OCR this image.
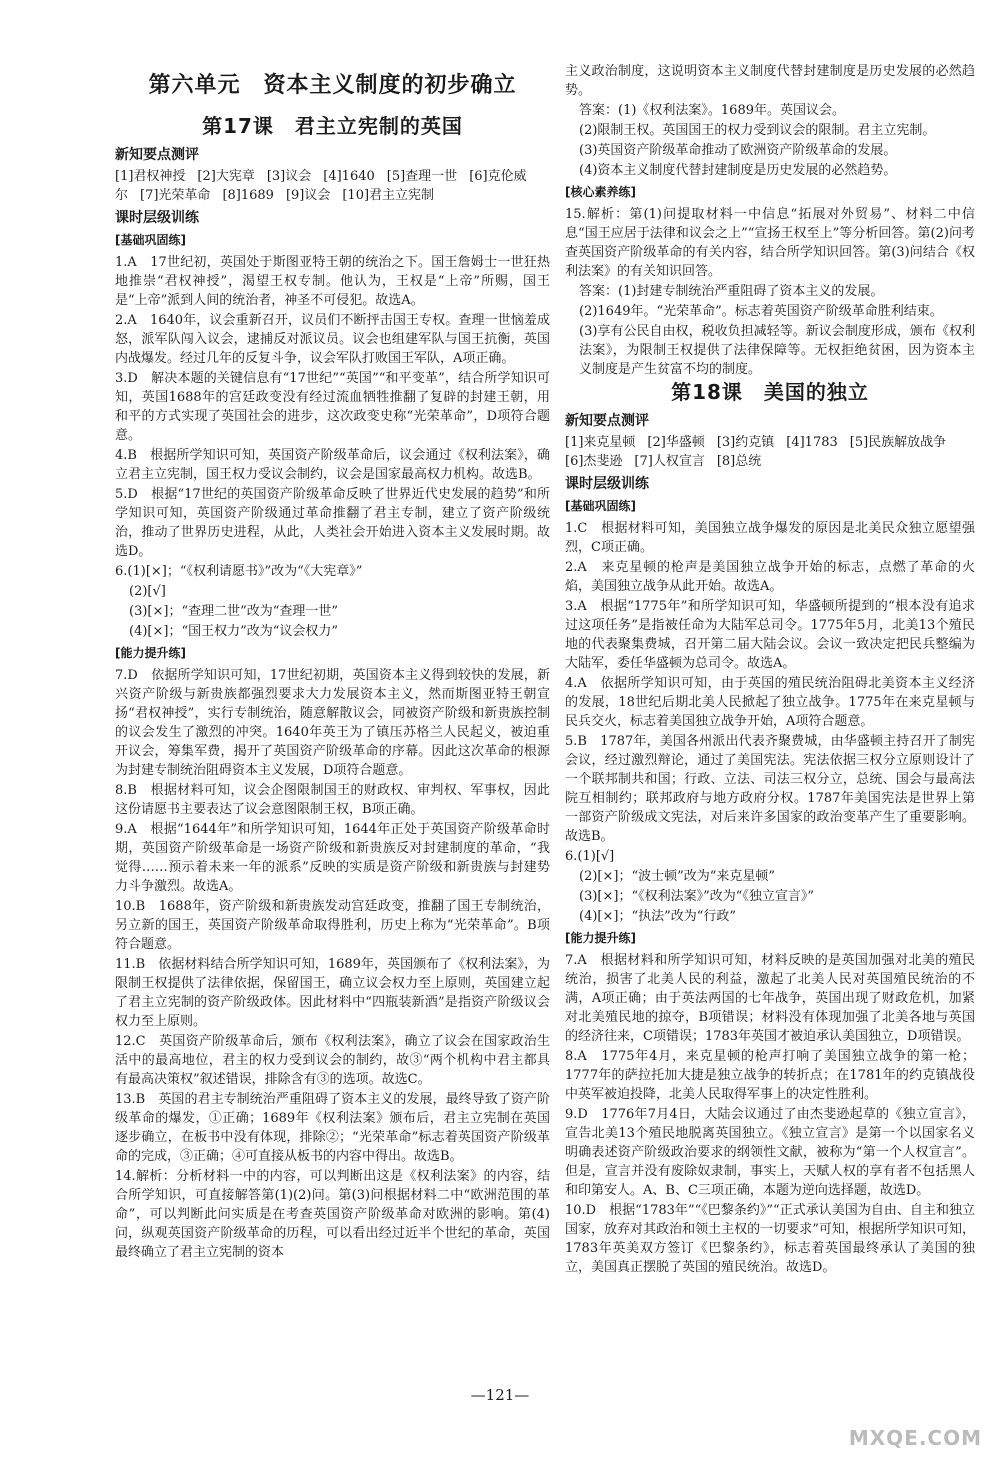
第六单元　资本主义制度的初步确立
第17课　君主立宪制的英国
新知要点测评
[1]君权神授 [2]大宪章 [3]议会 [4]1640 [5]查理一世 [6]克伦威尔 [7]光荣革命 [8]1689 [9]议会 [10]君主立宪制
课时层级训练
[基础巩固练]
1.A　17世纪初，英国处于斯图亚特王朝的统治之下。国王詹姆士一世狂热地推崇“君权神授”，渴望王权专制。他认为，王权是“上帝”所赐，国王是“上帝”派到人间的统治者，神圣不可侵犯。故选A。
2.A　1640年，议会重新召开，议员们不断抨击国王专权。查理一世恼羞成怒，派军队闯入议会，逮捕反对派议员。议会也组建军队与国王抗衡，英国内战爆发。经过几年的反复斗争，议会军队打败国王军队，A项正确。
3.D　解决本题的关键信息有“17世纪”“英国”“和平变革”，结合所学知识可知，英国1688年的宫廷政变没有经过流血牺牲推翻了复辟的封建王朝，用和平的方式实现了英国社会的进步，这次政变史称“光荣革命”，D项符合题意。
4.B　根据所学知识可知，英国资产阶级革命后，议会通过《权利法案》，确立君主立宪制，国王权力受议会制约，议会是国家最高权力机构。故选B。
5.D　根据“17世纪的英国资产阶级革命反映了世界近代史发展的趋势”和所学知识可知，英国资产阶级通过革命推翻了君主专制，建立了资产阶级统治，推动了世界历史进程，从此，人类社会开始进入资本主义发展时期。故选D。
6.(1)[×]；“《权利请愿书》”改为“《大宪章》”
(2)[√]
(3)[×]；“查理二世”改为“查理一世”
(4)[×]；“国王权力”改为“议会权力”
[能力提升练]
7.D　依据所学知识可知，17世纪初期，英国资本主义得到较快的发展，新兴资产阶级与新贵族都强烈要求大力发展资本主义，然而斯图亚特王朝宣扬“君权神授”，实行专制统治，随意解散议会，同被资产阶级和新贵族控制的议会发生了激烈的冲突。1640年英王为了镇压苏格兰人民起义，被迫重开议会，筹集军费，揭开了英国资产阶级革命的序幕。因此这次革命的根源为封建专制统治阻碍资本主义发展，D项符合题意。
8.B　根据材料可知，议会企图限制国王的财政权、审判权、军事权，因此这份请愿书主要表达了议会意图限制王权，B项正确。
9.A　根据“1644年”和所学知识可知，1644年正处于英国资产阶级革命时期，英国资产阶级革命是一场资产阶级和新贵族反对封建制度的革命，“我觉得……预示着未来一年的派系”反映的实质是资产阶级和新贵族与封建势力斗争激烈。故选A。
10.B　1688年，资产阶级和新贵族发动宫廷政变，推翻了国王专制统治，另立新的国王，英国资产阶级革命取得胜利，历史上称为“光荣革命”。B项符合题意。
11.B　依据材料结合所学知识可知，1689年，英国颁布了《权利法案》，为限制王权提供了法律依据，保留国王，确立议会权力至上原则，英国建立起了君主立宪制的资产阶级政体。因此材料中“四瓶装新酒”是指资产阶级议会权力至上原则。
12.C　英国资产阶级革命后，颁布《权利法案》，确立了议会在国家政治生活中的最高地位，君主的权力受到议会的制约，故③“两个机构中君主都具有最高决策权”叙述错误，排除含有③的选项。故选C。
13.B　英国的君主专制统治严重阻碍了资本主义的发展，最终导致了资产阶级革命的爆发，①正确；1689年《权利法案》颁布后，君主立宪制在英国逐步确立，在板书中没有体现，排除②；“光荣革命”标志着英国资产阶级革命的完成，③正确；④可直接从板书的内容中得出。故选B。
14.解析：分析材料一中的内容，可以判断出这是《权利法案》的内容，结合所学知识，可直接解答第(1)(2)问。第(3)问根据材料二中“欧洲范围的革命”，可以判断此问实质是在考查英国资产阶级革命对欧洲的影响。第(4)问，纵观英国资产阶级革命的历程，可以看出经过近半个世纪的革命，英国最终确立了君主立宪制的资本
主义政治制度，这说明资本主义制度代替封建制度是历史发展的必然趋势。
答案：(1)《权利法案》。1689年。英国议会。
(2)限制王权。英国国王的权力受到议会的限制。君主立宪制。
(3)英国资产阶级革命推动了欧洲资产阶级革命的发展。
(4)资本主义制度代替封建制度是历史发展的必然趋势。
[核心素养练]
15.解析：第(1)问提取材料一中信息“拓展对外贸易”、材料二中信息“国王应居于法律和议会之上”“宣扬王权至上”等分析回答。第(2)问考查英国资产阶级革命的有关内容，结合所学知识回答。第(3)问结合《权利法案》的有关知识回答。
答案：(1)封建专制统治严重阻碍了资本主义的发展。
(2)1649年。“光荣革命”。标志着英国资产阶级革命胜利结束。
(3)享有公民自由权，税收负担减轻等。新议会制度形成，颁布《权利法案》，为限制王权提供了法律保障等。无权拒绝贫困，因为资本主义制度是产生贫富不均的制度。
第18课　美国的独立
新知要点测评
[1]来克星顿 [2]华盛顿 [3]约克镇 [4]1783 [5]民族解放战争[6]杰斐逊 [7]人权宣言 [8]总统
课时层级训练
[基础巩固练]
1.C　根据材料可知，美国独立战争爆发的原因是北美民众独立愿望强烈，C项正确。
2.A　来克星顿的枪声是美国独立战争开始的标志，点燃了革命的火焰，美国独立战争从此开始。故选A。
3.A　根据“1775年”和所学知识可知，华盛顿所提到的“根本没有追求过这项任务”是指被任命为大陆军总司令。1775年5月，北美13个殖民地的代表聚集费城，召开第二届大陆会议。会议一致决定把民兵整编为大陆军，委任华盛顿为总司令。故选A。
4.A　依据所学知识可知，由于英国的殖民统治阻碍北美资本主义经济的发展，18世纪后期北美人民掀起了独立战争。1775年在来克星顿与民兵交火，标志着美国独立战争开始，A项符合题意。
5.B　1787年，美国各州派出代表齐聚费城，由华盛顿主持召开了制宪会议，经过激烈辩论，通过了美国宪法。宪法依据三权分立原则设计了一个联邦制共和国；行政、立法、司法三权分立，总统、国会与最高法院互相制约；联邦政府与地方政府分权。1787年美国宪法是世界上第一部资产阶级成文宪法，对后来许多国家的政治变革产生了重要影响。故选B。
6.(1)[√]
(2)[×]；“波士顿”改为“来克星顿”
(3)[×]；“《权利法案》”改为“《独立宣言》”
(4)[×]；“执法”改为“行政”
[能力提升练]
7.A　根据材料和所学知识可知，材料反映的是英国加强对北美的殖民统治，损害了北美人民的利益，激起了北美人民对英国殖民统治的不满，A项正确；由于英法两国的七年战争，英国出现了财政危机，加紧对北美殖民地的掠夺，B项错误；材料没有体现加强了北美各地与英国的经济往来，C项错误；1783年英国才被迫承认美国独立，D项错误。
8.A　1775年4月，来克星顿的枪声打响了美国独立战争的第一枪；1777年的萨拉托加大捷是独立战争的转折点；在1781年的约克镇战役中英军被迫投降，北美人民取得军事上的决定性胜利。
9.D　1776年7月4日，大陆会议通过了由杰斐逊起草的《独立宣言》，宣告北美13个殖民地脱离英国独立。《独立宣言》是第一个以国家名义明确表述资产阶级政治要求的纲领性文献，被称为“第一个人权宣言”。但是，宣言并没有废除奴隶制，事实上，天赋人权的享有者不包括黑人和印第安人。A、B、C三项正确，本题为逆向选择题，故选D。
10.D　根据“1783年”“《巴黎条约》”“正式承认美国为自由、自主和独立国家，放弃对其政治和领土主权的一切要求”可知，根据所学知识可知，1783年英美双方签订《巴黎条约》，标志着英国最终承认了美国的独立，美国真正摆脱了英国的殖民统治。故选D。
—121—
MXQE.COM
